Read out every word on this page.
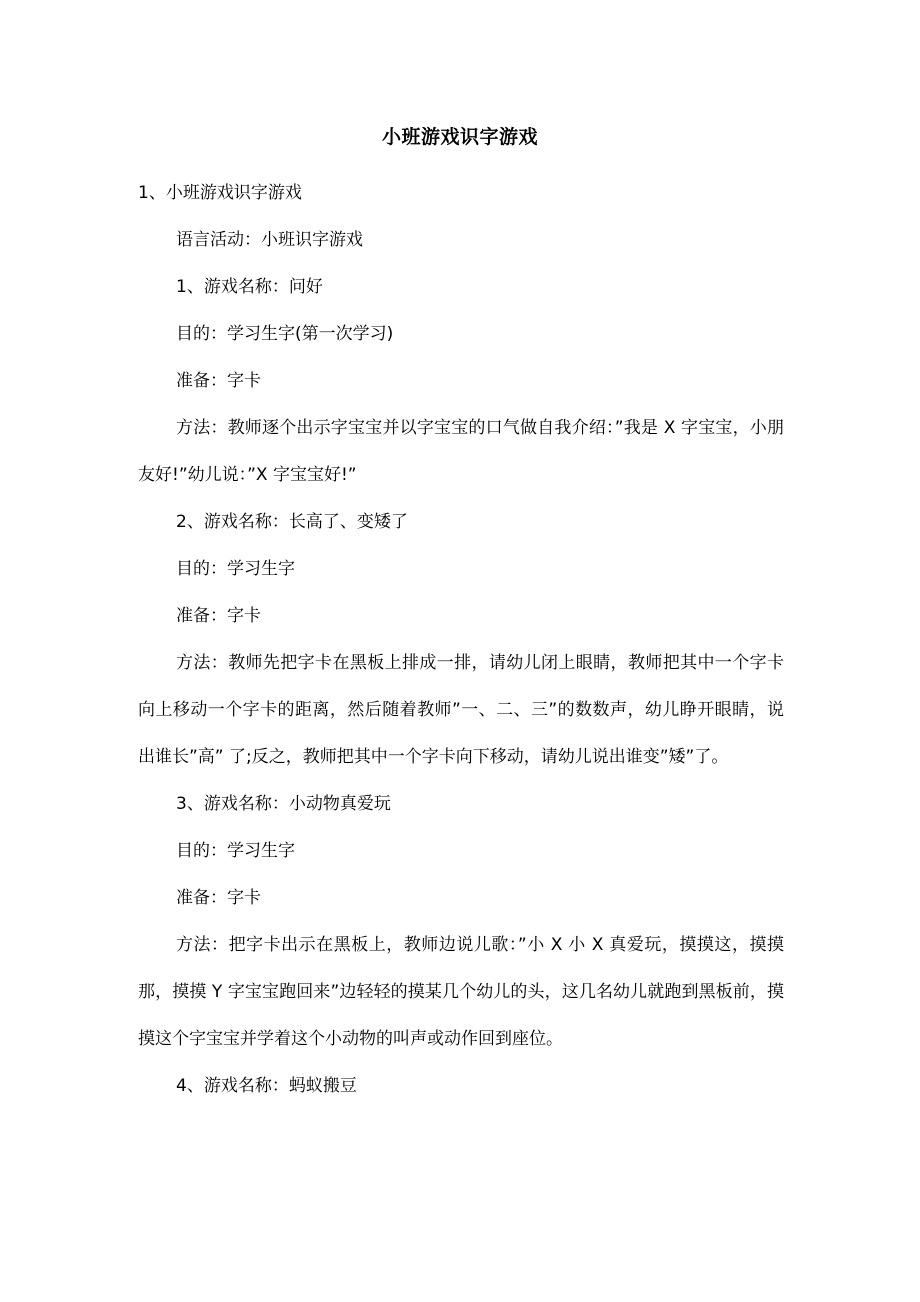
小班游戏识字游戏

1、小班游戏识字游戏

语言活动：小班识字游戏

1、游戏名称：问好

目的：学习生字(第一次学习)

准备：字卡

方法：教师逐个出示字宝宝并以字宝宝的口气做自我介绍：”我是 X 字宝宝，小朋友好!”幼儿说：”X 字宝宝好!”

2、游戏名称：长高了、变矮了

目的：学习生字

准备：字卡

方法：教师先把字卡在黑板上排成一排，请幼儿闭上眼睛，教师把其中一个字卡向上移动一个字卡的距离，然后随着教师”一、二、三”的数数声，幼儿睁开眼睛，说出谁长”高” 了;反之，教师把其中一个字卡向下移动，请幼儿说出谁变”矮”了。

3、游戏名称：小动物真爱玩

目的：学习生字

准备：字卡

方法：把字卡出示在黑板上，教师边说儿歌：”小 X 小 X 真爱玩，摸摸这，摸摸那，摸摸 Y 字宝宝跑回来”边轻轻的摸某几个幼儿的头，这几名幼儿就跑到黑板前，摸摸这个字宝宝并学着这个小动物的叫声或动作回到座位。

4、游戏名称：蚂蚁搬豆
